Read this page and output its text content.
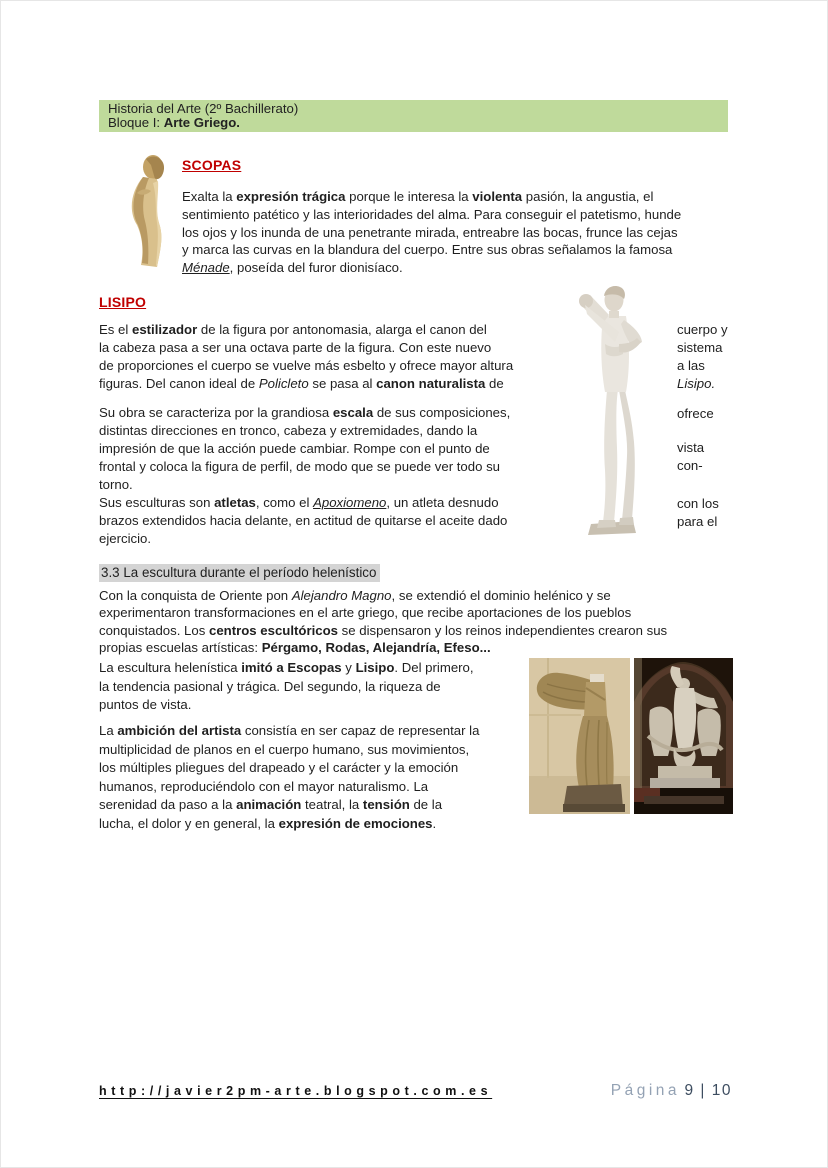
Historia del Arte (2º Bachillerato)
Bloque I: Arte Griego.
SCOPAS
Exalta la expresión trágica porque le interesa la violenta pasión, la angustia, el
sentimiento patético y las interioridades del alma. Para conseguir el patetismo, hunde
los ojos y los inunda de una penetrante mirada, entreabre las bocas, frunce las cejas
y marca las curvas en la blandura del cuerpo. Entre sus obras señalamos la famosa
Ménade, poseída del furor dionisíaco.
LISIPO
Es el estilizador de la figura por antonomasia, alarga el canon del
la cabeza pasa a ser una octava parte de la figura. Con este nuevo
de proporciones el cuerpo se vuelve más esbelto y ofrece mayor altura
figuras. Del canon ideal de Policleto se pasa al canon naturalista de
Su obra se caracteriza por la grandiosa escala de sus composiciones,
distintas direcciones en tronco, cabeza y extremidades, dando la
impresión de que la acción puede cambiar. Rompe con el punto de
frontal y coloca la figura de perfil, de modo que se puede ver todo su
torno.
Sus esculturas son atletas, como el Apoxiomeno, un atleta desnudo
brazos extendidos hacia delante, en actitud de quitarse el aceite dado
ejercicio.
cuerpo y
sistema
a las
Lisipo.
ofrece
vista
con-
con los
para el
3.3 La escultura durante el período helenístico
Con la conquista de Oriente pon Alejandro Magno, se extendió el dominio helénico y se
experimentaron transformaciones en el arte griego, que recibe aportaciones de los pueblos
conquistados. Los centros escultóricos se dispensaron y los reinos independientes crearon sus
propias escuelas artísticas: Pérgamo, Rodas, Alejandría, Efeso...
La escultura helenística imitó a Escopas y Lisipo. Del primero,
la tendencia pasional y trágica. Del segundo, la riqueza de
puntos de vista.
La ambición del artista consistía en ser capaz de representar la
multiplicidad de planos en el cuerpo humano, sus movimientos,
los múltiples pliegues del drapeado y el carácter y la emoción
humanos, reproduciéndolo con el mayor naturalismo. La
serenidad da paso a la animación teatral, la tensión de la
lucha, el dolor y en general, la expresión de emociones.
http://javier2pm-arte.blogspot.com.es	Página 9 | 10
